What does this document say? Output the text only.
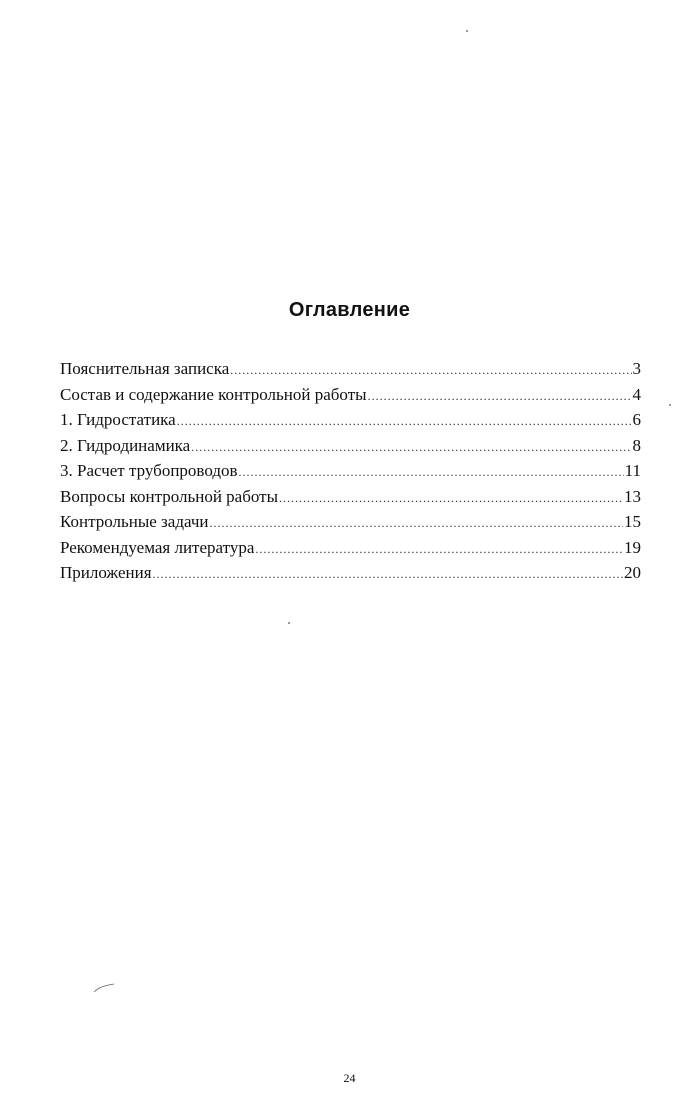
Оглавление
Пояснительная записка .....	3
Состав и содержание контрольной работы .....	4
1. Гидростатика .....	6
2. Гидродинамика .....	8
3. Расчет трубопроводов .....	11
Вопросы контрольной работы .....	13
Контрольные задачи .....	15
Рекомендуемая литература .....	19
Приложения .....	20
24
